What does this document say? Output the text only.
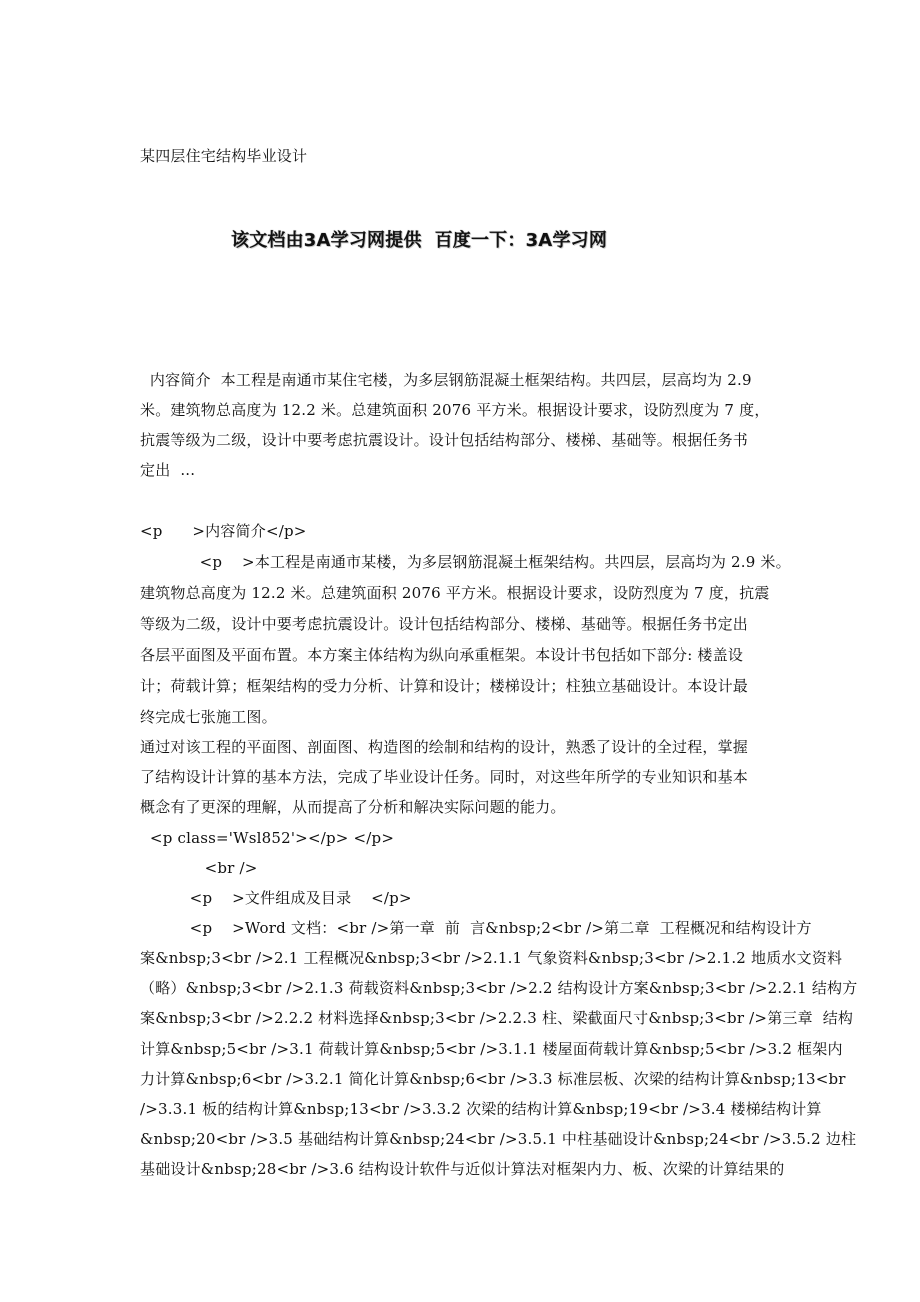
某四层住宅结构毕业设计
该文档由3A学习网提供  百度一下：3A学习网
内容简介  本工程是南通市某住宅楼，为多层钢筋混凝土框架结构。共四层，层高均为 2.9
米。建筑物总高度为 12.2 米。总建筑面积 2076 平方米。根据设计要求，设防烈度为 7 度，
抗震等级为二级，设计中要考虑抗震设计。设计包括结构部分、楼梯、基础等。根据任务书
定出  ...
<p      >内容简介</p>
<p    >本工程是南通市某楼，为多层钢筋混凝土框架结构。共四层，层高均为 2.9 米。
建筑物总高度为 12.2 米。总建筑面积 2076 平方米。根据设计要求，设防烈度为 7 度，抗震
等级为二级，设计中要考虑抗震设计。设计包括结构部分、楼梯、基础等。根据任务书定出
各层平面图及平面布置。本方案主体结构为纵向承重框架。本设计书包括如下部分: 楼盖设
计；荷载计算；框架结构的受力分析、计算和设计；楼梯设计；柱独立基础设计。本设计最
终完成七张施工图。
通过对该工程的平面图、剖面图、构造图的绘制和结构的设计，熟悉了设计的全过程，掌握
了结构设计计算的基本方法，完成了毕业设计任务。同时，对这些年所学的专业知识和基本
概念有了更深的理解，从而提高了分析和解决实际问题的能力。
<p class='Wsl852'></p> </p>
<br />
<p    >文件组成及目录    </p>
<p    >Word 文档：<br />第一章  前  言&nbsp;2<br />第二章  工程概况和结构设计方
案&nbsp;3<br />2.1 工程概况&nbsp;3<br />2.1.1 气象资料&nbsp;3<br />2.1.2 地质水文资料
（略）&nbsp;3<br />2.1.3 荷载资料&nbsp;3<br />2.2 结构设计方案&nbsp;3<br />2.2.1 结构方
案&nbsp;3<br />2.2.2 材料选择&nbsp;3<br />2.2.3 柱、梁截面尺寸&nbsp;3<br />第三章  结构
计算&nbsp;5<br />3.1 荷载计算&nbsp;5<br />3.1.1 楼屋面荷载计算&nbsp;5<br />3.2 框架内
力计算&nbsp;6<br />3.2.1 简化计算&nbsp;6<br />3.3 标准层板、次梁的结构计算&nbsp;13<br
/>3.3.1 板的结构计算&nbsp;13<br />3.3.2 次梁的结构计算&nbsp;19<br />3.4 楼梯结构计算
&nbsp;20<br />3.5 基础结构计算&nbsp;24<br />3.5.1 中柱基础设计&nbsp;24<br />3.5.2 边柱
基础设计&nbsp;28<br />3.6 结构设计软件与近似计算法对框架内力、板、次梁的计算结果的
